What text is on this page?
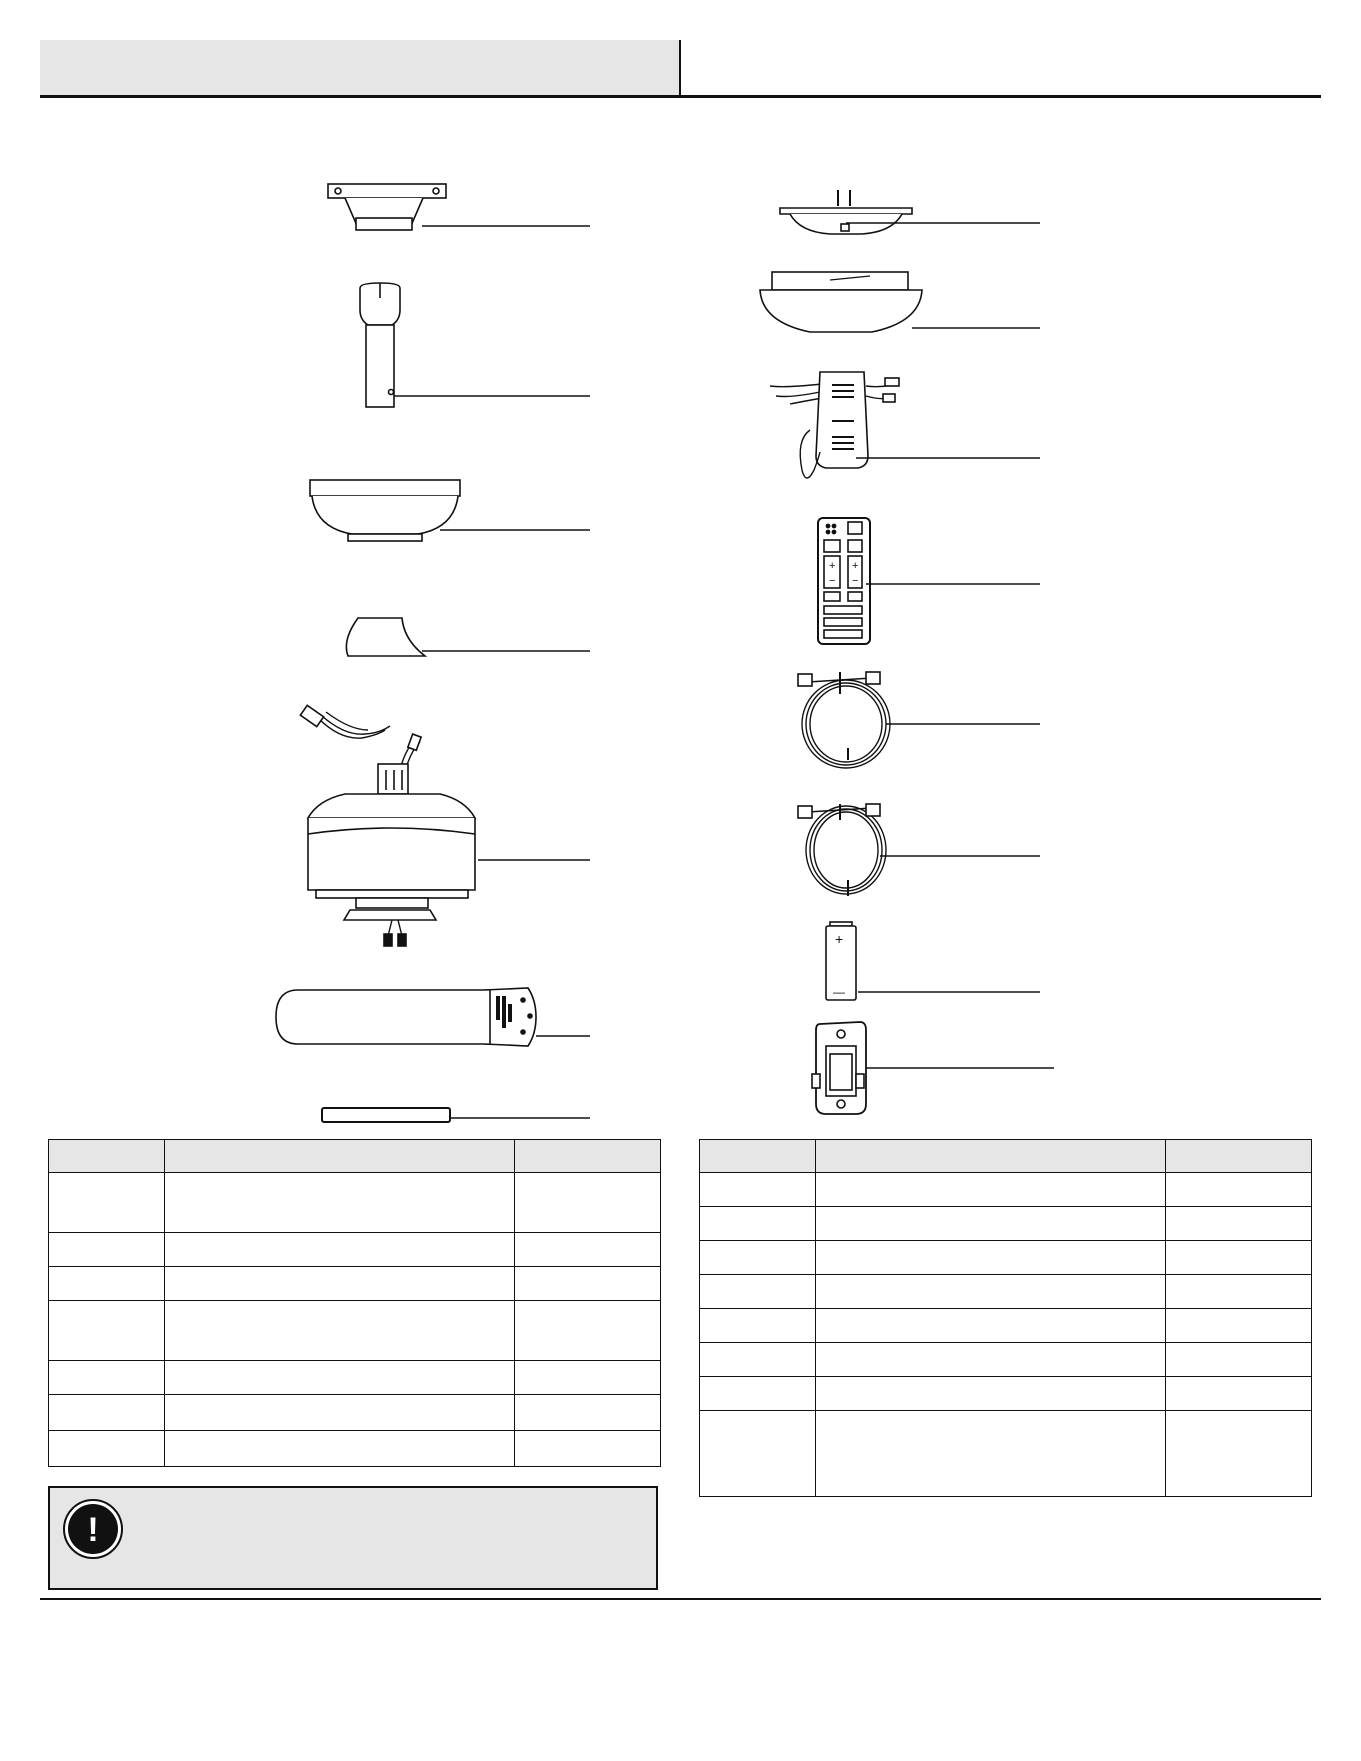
+ +
− −
+
—

!
